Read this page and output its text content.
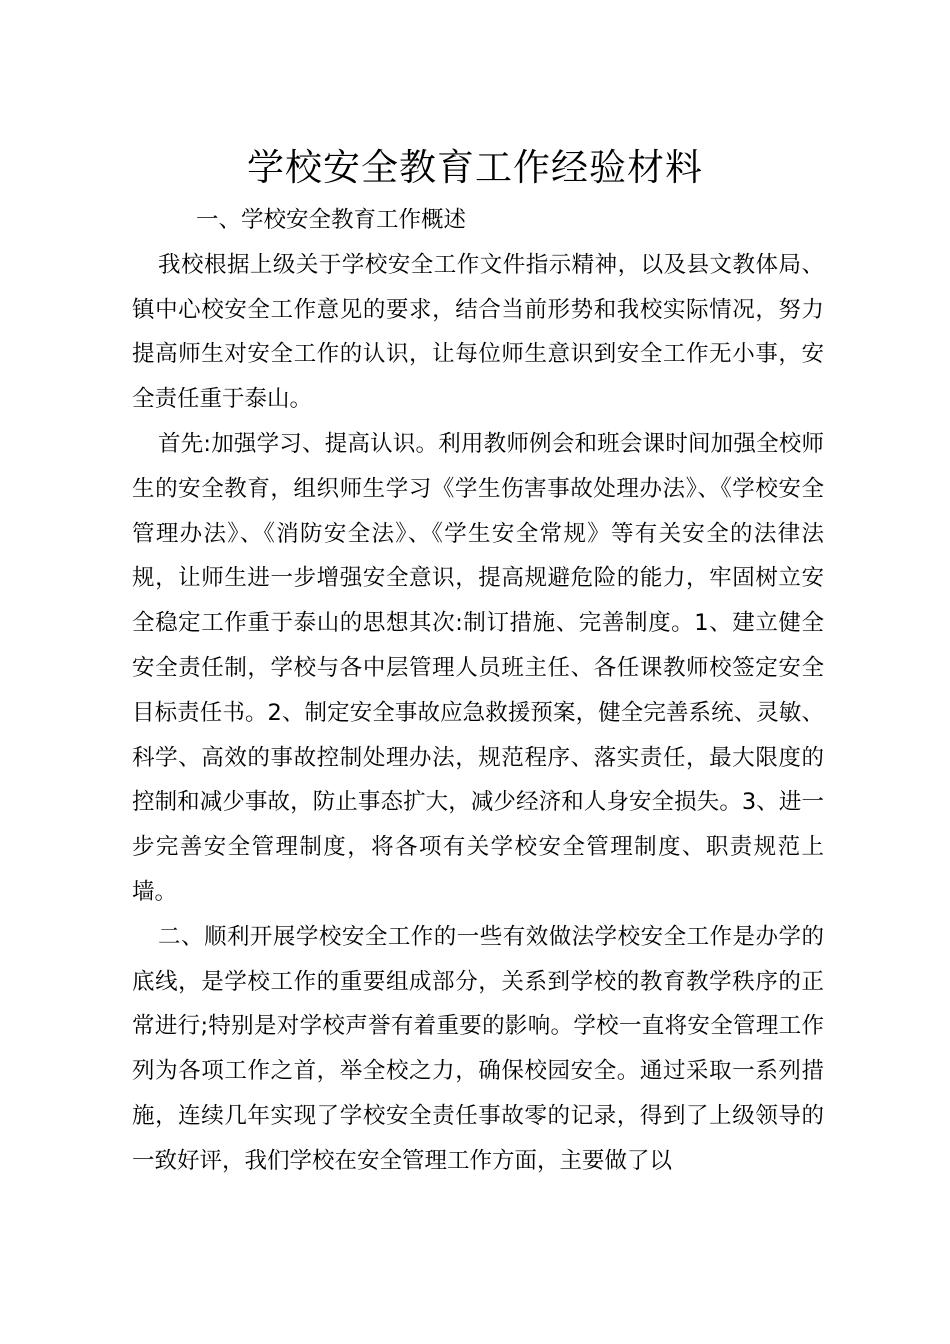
学校安全教育工作经验材料

一、学校安全教育工作概述

我校根据上级关于学校安全工作文件指示精神，以及县文教体局、镇中心校安全工作意见的要求，结合当前形势和我校实际情况，努力提高师生对安全工作的认识，让每位师生意识到安全工作无小事，安全责任重于泰山。

首先:加强学习、提高认识。利用教师例会和班会课时间加强全校师生的安全教育，组织师生学习《学生伤害事故处理办法》、《学校安全管理办法》、《消防安全法》、《学生安全常规》等有关安全的法律法规，让师生进一步增强安全意识，提高规避危险的能力，牢固树立安全稳定工作重于泰山的思想其次:制订措施、完善制度。1、建立健全安全责任制，学校与各中层管理人员班主任、各任课教师校签定安全目标责任书。2、制定安全事故应急救援预案，健全完善系统、灵敏、科学、高效的事故控制处理办法，规范程序、落实责任，最大限度的控制和减少事故，防止事态扩大，减少经济和人身安全损失。3、进一步完善安全管理制度，将各项有关学校安全管理制度、职责规范上墙。

二、顺利开展学校安全工作的一些有效做法学校安全工作是办学的底线，是学校工作的重要组成部分，关系到学校的教育教学秩序的正常进行;特别是对学校声誉有着重要的影响。学校一直将安全管理工作列为各项工作之首，举全校之力，确保校园安全。通过采取一系列措施，连续几年实现了学校安全责任事故零的记录，得到了上级领导的一致好评，我们学校在安全管理工作方面，主要做了以
